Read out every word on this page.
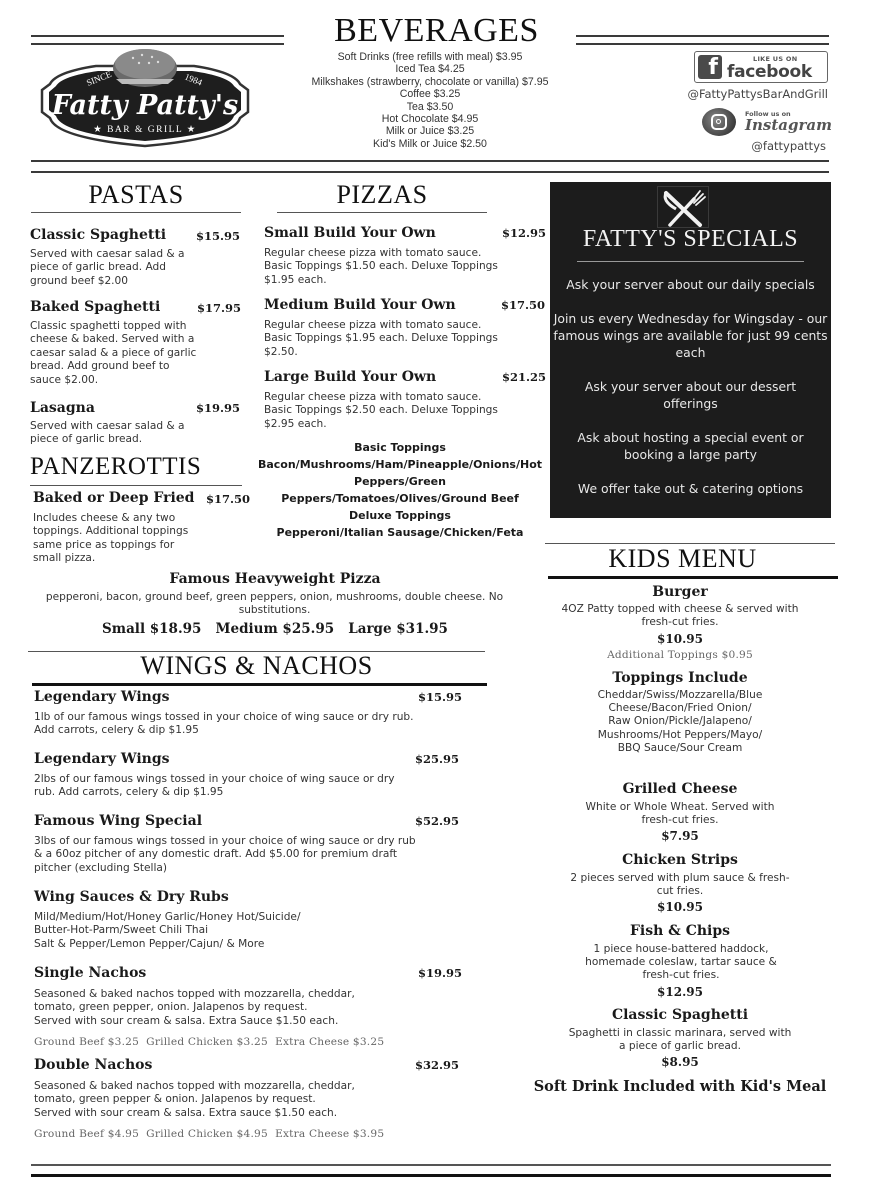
BEVERAGES
Soft Drinks (free refills with meal) $3.95
Iced Tea $4.25
Milkshakes (strawberry, chocolate or vanilla) $7.95
Coffee $3.25
Tea $3.50
Hot Chocolate $4.95
Milk or Juice $3.25
Kid's Milk or Juice $2.50
SINCE	1984
Fatty Patty's
★ BAR & GRILL ★
f	LIKE US ON
facebook
@FattyPattysBarAndGrill
Follow us on
Instagram
@fattypattys
PASTAS
Classic Spaghetti	$15.95
Served with caesar salad & a piece of garlic bread. Add ground beef $2.00
Baked Spaghetti	$17.95
Classic spaghetti topped with cheese & baked. Served with a caesar salad & a piece of garlic bread. Add ground beef to sauce $2.00.
Lasagna	$19.95
Served with caesar salad & a piece of garlic bread.
PANZEROTTIS
Baked or Deep Fried $17.50
Includes cheese & any two toppings. Additional toppings same price as toppings for small pizza.
PIZZAS
Small Build Your Own	$12.95
Regular cheese pizza with tomato sauce. Basic Toppings $1.50 each. Deluxe Toppings $1.95 each.
Medium Build Your Own	$17.50
Regular cheese pizza with tomato sauce. Basic Toppings $1.95 each. Deluxe Toppings $2.50.
Large Build Your Own	$21.25
Regular cheese pizza with tomato sauce. Basic Toppings $2.50 each. Deluxe Toppings $2.95 each.
Basic Toppings
Bacon/Mushrooms/Ham/Pineapple/Onions/Hot Peppers/Green Peppers/Tomatoes/Olives/Ground Beef
Deluxe Toppings
Pepperoni/Italian Sausage/Chicken/Feta
Famous Heavyweight Pizza
pepperoni, bacon, ground beef, green peppers, onion, mushrooms, double cheese. No substitutions.
Small $18.95   Medium $25.95   Large $31.95
FATTY'S SPECIALS
Ask your server about our daily specials
Join us every Wednesday for Wingsday - our famous wings are available for just 99 cents each
Ask your server about our dessert offerings
Ask about hosting a special event or booking a large party
We offer take out & catering options
WINGS & NACHOS
Legendary Wings	$15.95
1lb of our famous wings tossed in your choice of wing sauce or dry rub. Add carrots, celery & dip $1.95
Legendary Wings	$25.95
2lbs of our famous wings tossed in your choice of wing sauce or dry rub. Add carrots, celery & dip $1.95
Famous Wing Special	$52.95
3lbs of our famous wings tossed in your choice of wing sauce or dry rub & a 60oz pitcher of any domestic draft. Add $5.00 for premium draft pitcher (excluding Stella)
Wing Sauces & Dry Rubs
Mild/Medium/Hot/Honey Garlic/Honey Hot/Suicide/
Butter-Hot-Parm/Sweet Chili Thai
Salt & Pepper/Lemon Pepper/Cajun/ & More
Single Nachos	$19.95
Seasoned & baked nachos topped with mozzarella, cheddar,
tomato, green pepper, onion. Jalapenos by request.
Served with sour cream & salsa. Extra Sauce $1.50 each.
Ground Beef $3.25  Grilled Chicken $3.25  Extra Cheese $3.25
Double Nachos	$32.95
Seasoned & baked nachos topped with mozzarella, cheddar,
tomato, green pepper & onion. Jalapenos by request.
Served with sour cream & salsa. Extra sauce $1.50 each.
Ground Beef $4.95  Grilled Chicken $4.95  Extra Cheese $3.95
KIDS MENU
Burger
4OZ Patty topped with cheese & served with fresh-cut fries.
$10.95
Additional Toppings $0.95
Toppings Include
Cheddar/Swiss/Mozzarella/Blue
Cheese/Bacon/Fried Onion/
Raw Onion/Pickle/Jalapeno/
Mushrooms/Hot Peppers/Mayo/
BBQ Sauce/Sour Cream
Grilled Cheese
White or Whole Wheat. Served with fresh-cut fries.
$7.95
Chicken Strips
2 pieces served with plum sauce & fresh-cut fries.
$10.95
Fish & Chips
1 piece house-battered haddock, homemade coleslaw, tartar sauce & fresh-cut fries.
$12.95
Classic Spaghetti
Spaghetti in classic marinara, served with a piece of garlic bread.
$8.95
Soft Drink Included with Kid's Meal
